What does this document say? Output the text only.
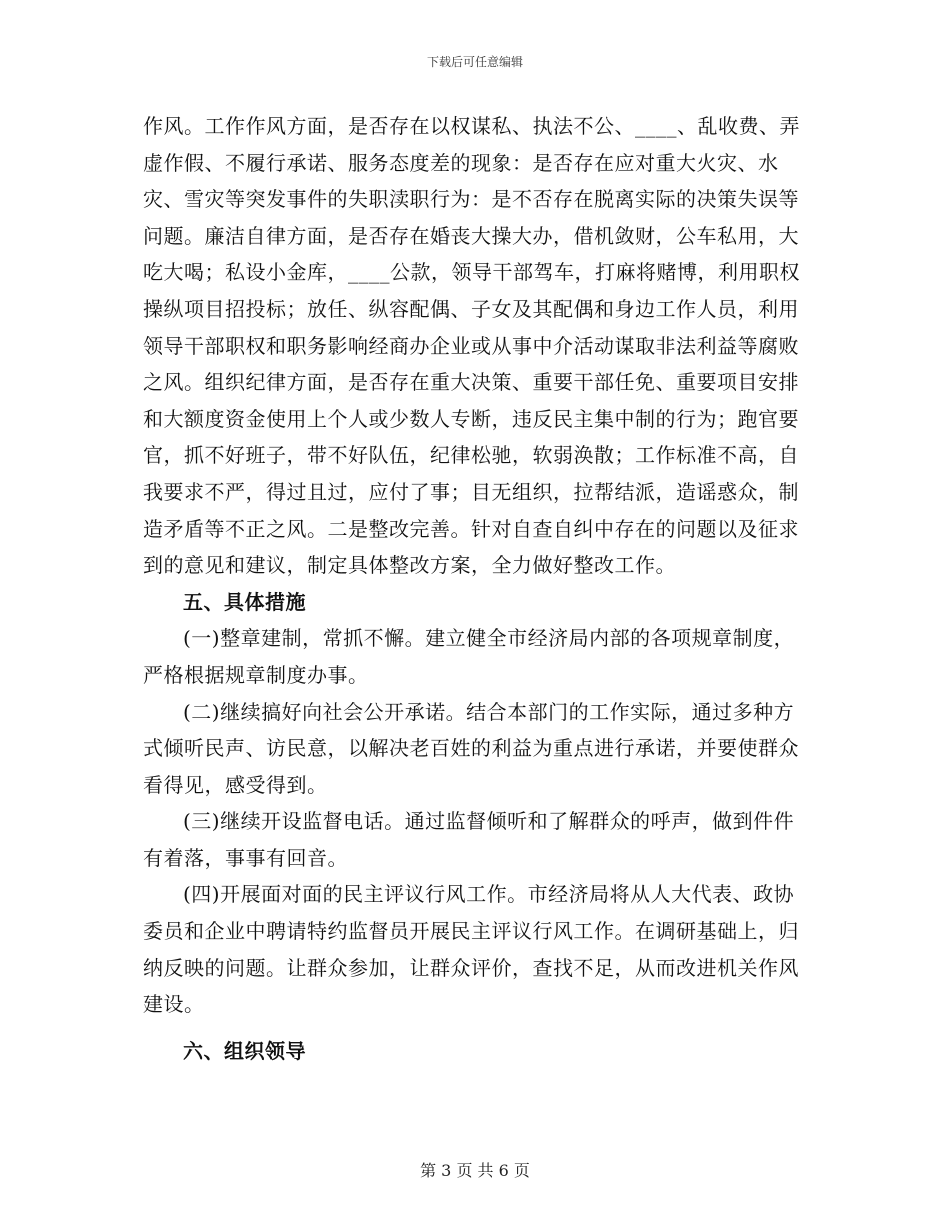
下载后可任意编辑

作风。工作作风方面，是否存在以权谋私、执法不公、____、乱收费、弄虚作假、不履行承诺、服务态度差的现象：是否存在应对重大火灾、水灾、雪灾等突发事件的失职渎职行为：是不否存在脱离实际的决策失误等问题。廉洁自律方面，是否存在婚丧大操大办，借机敛财，公车私用，大吃大喝；私设小金库，____公款，领导干部驾车，打麻将赌博，利用职权操纵项目招投标；放任、纵容配偶、子女及其配偶和身边工作人员，利用领导干部职权和职务影响经商办企业或从事中介活动谋取非法利益等腐败之风。组织纪律方面，是否存在重大决策、重要干部任免、重要项目安排和大额度资金使用上个人或少数人专断，违反民主集中制的行为；跑官要官，抓不好班子，带不好队伍，纪律松驰，软弱涣散；工作标准不高，自我要求不严，得过且过，应付了事；目无组织，拉帮结派，造谣惑众，制造矛盾等不正之风。二是整改完善。针对自查自纠中存在的问题以及征求到的意见和建议，制定具体整改方案，全力做好整改工作。

五、具体措施

(一)整章建制，常抓不懈。建立健全市经济局内部的各项规章制度，严格根据规章制度办事。

(二)继续搞好向社会公开承诺。结合本部门的工作实际，通过多种方式倾听民声、访民意，以解决老百姓的利益为重点进行承诺，并要使群众看得见，感受得到。

(三)继续开设监督电话。通过监督倾听和了解群众的呼声，做到件件有着落，事事有回音。

(四)开展面对面的民主评议行风工作。市经济局将从人大代表、政协委员和企业中聘请特约监督员开展民主评议行风工作。在调研基础上，归纳反映的问题。让群众参加，让群众评价，查找不足，从而改进机关作风建设。

六、组织领导

第 3 页 共 6 页
